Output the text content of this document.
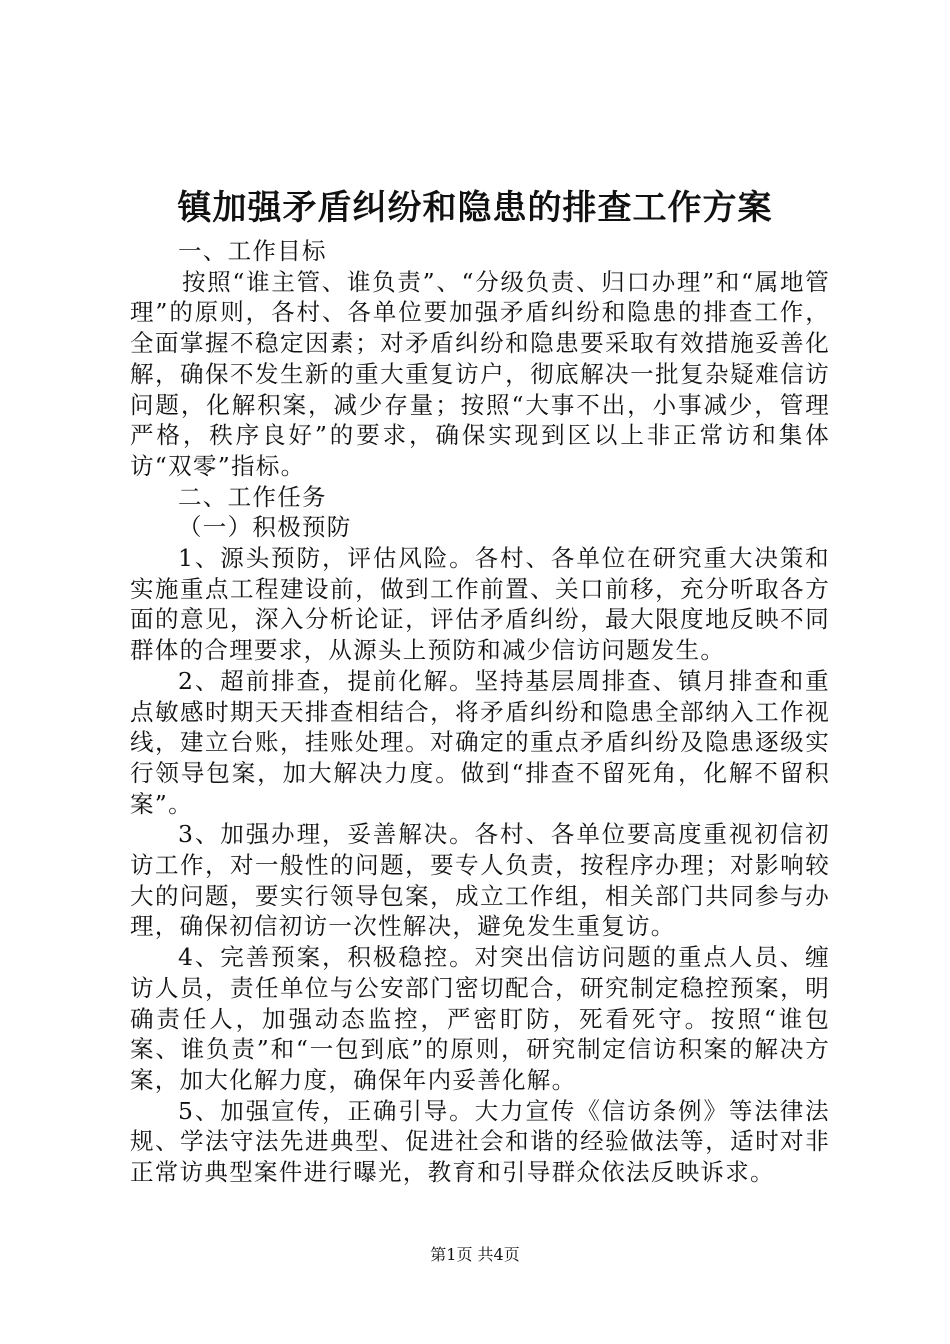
镇加强矛盾纠纷和隐患的排查工作方案

一、工作目标

按照“谁主管、谁负责”、“分级负责、归口办理”和“属地管理”的原则，各村、各单位要加强矛盾纠纷和隐患的排查工作，全面掌握不稳定因素；对矛盾纠纷和隐患要采取有效措施妥善化解，确保不发生新的重大重复访户，彻底解决一批复杂疑难信访问题，化解积案，减少存量；按照“大事不出，小事减少，管理严格，秩序良好”的要求，确保实现到区以上非正常访和集体访“双零”指标。

二、工作任务

（一）积极预防

1、源头预防，评估风险。各村、各单位在研究重大决策和实施重点工程建设前，做到工作前置、关口前移，充分听取各方面的意见，深入分析论证，评估矛盾纠纷，最大限度地反映不同群体的合理要求，从源头上预防和减少信访问题发生。

2、超前排查，提前化解。坚持基层周排查、镇月排查和重点敏感时期天天排查相结合，将矛盾纠纷和隐患全部纳入工作视线，建立台账，挂账处理。对确定的重点矛盾纠纷及隐患逐级实行领导包案，加大解决力度。做到“排查不留死角，化解不留积案”。

3、加强办理，妥善解决。各村、各单位要高度重视初信初访工作，对一般性的问题，要专人负责，按程序办理；对影响较大的问题，要实行领导包案，成立工作组，相关部门共同参与办理，确保初信初访一次性解决，避免发生重复访。

4、完善预案，积极稳控。对突出信访问题的重点人员、缠访人员，责任单位与公安部门密切配合，研究制定稳控预案，明确责任人，加强动态监控，严密盯防，死看死守。按照“谁包案、谁负责”和“一包到底”的原则，研究制定信访积案的解决方案，加大化解力度，确保年内妥善化解。

5、加强宣传，正确引导。大力宣传《信访条例》等法律法规、学法守法先进典型、促进社会和谐的经验做法等，适时对非正常访典型案件进行曝光，教育和引导群众依法反映诉求。

第1页 共4页
